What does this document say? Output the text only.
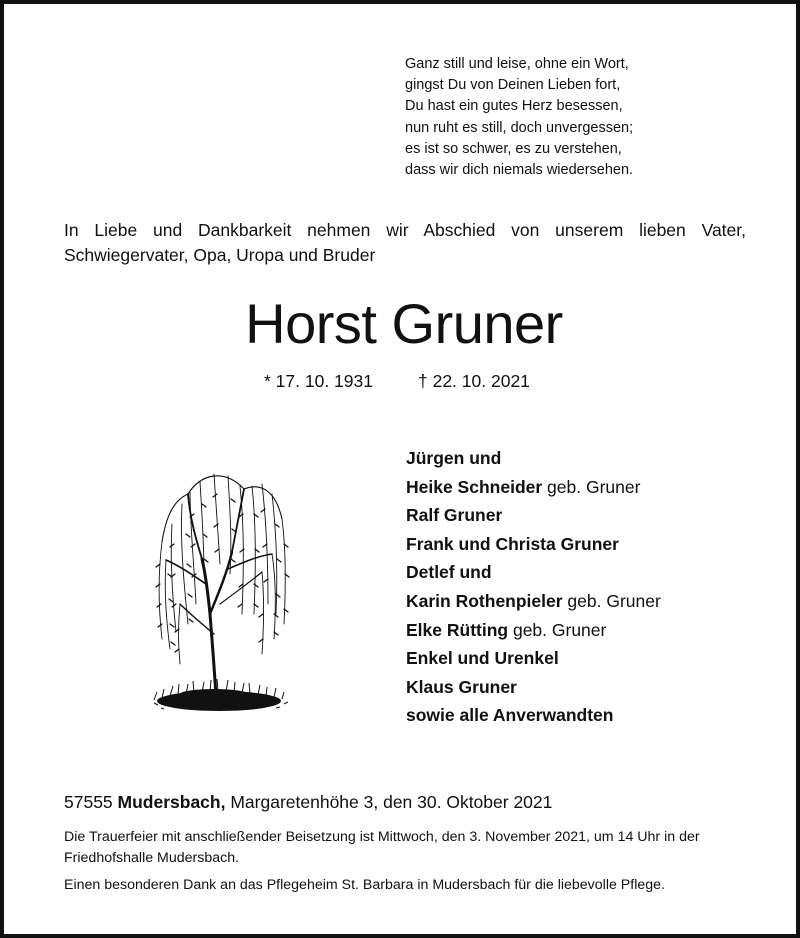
Ganz still und leise, ohne ein Wort,
gingst Du von Deinen Lieben fort,
Du hast ein gutes Herz besessen,
nun ruht es still, doch unvergessen;
es ist so schwer, es zu verstehen,
dass wir dich niemals wiedersehen.
In Liebe und Dankbarkeit nehmen wir Abschied von unserem lieben Vater,
Schwiegervater, Opa, Uropa und Bruder
Horst Gruner
* 17. 10. 1931	† 22. 10. 2021
Jürgen und
Heike Schneider geb. Gruner
Ralf Gruner
Frank und Christa Gruner
Detlef und
Karin Rothenpieler geb. Gruner
Elke Rütting geb. Gruner
Enkel und Urenkel
Klaus Gruner
sowie alle Anverwandten
57555 Mudersbach, Margaretenhöhe 3, den 30. Oktober 2021
Die Trauerfeier mit anschließender Beisetzung ist Mittwoch, den 3. November 2021, um 14 Uhr in der Friedhofshalle Mudersbach.
Einen besonderen Dank an das Pflegeheim St. Barbara in Mudersbach für die liebevolle Pflege.
